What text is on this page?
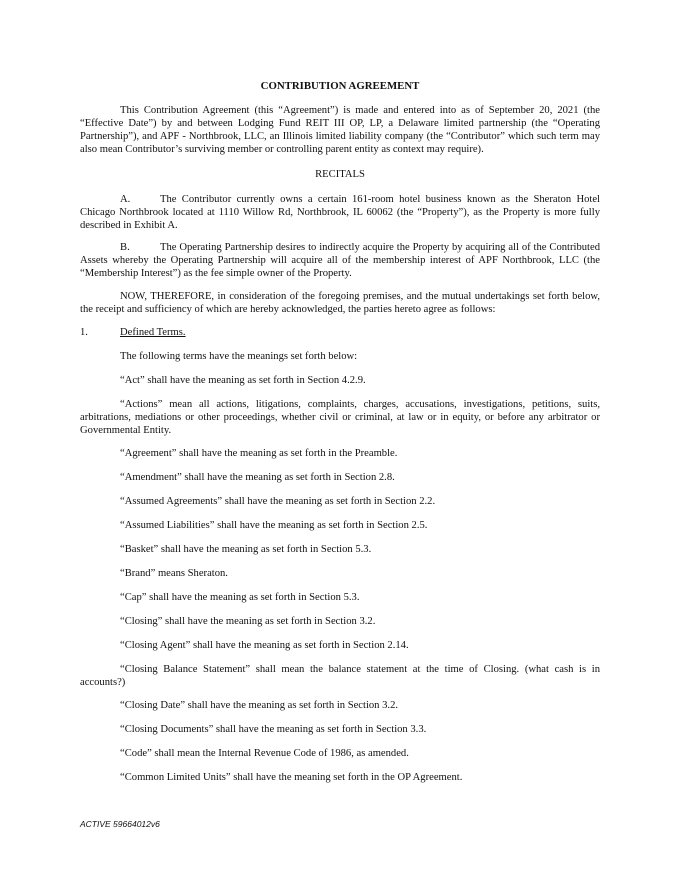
CONTRIBUTION AGREEMENT
This Contribution Agreement (this “Agreement”) is made and entered into as of September 20, 2021 (the “Effective Date”) by and between Lodging Fund REIT III OP, LP, a Delaware limited partnership (the “Operating Partnership”), and APF - Northbrook, LLC, an Illinois limited liability company (the “Contributor” which such term may also mean Contributor’s surviving member or controlling parent entity as context may require).
RECITALS
A.	The Contributor currently owns a certain 161-room hotel business known as the Sheraton Hotel Chicago Northbrook located at 1110 Willow Rd, Northbrook, IL 60062 (the “Property”), as the Property is more fully described in Exhibit A.
B.	The Operating Partnership desires to indirectly acquire the Property by acquiring all of the Contributed Assets whereby the Operating Partnership will acquire all of the membership interest of APF Northbrook, LLC (the “Membership Interest”) as the fee simple owner of the Property.
NOW, THEREFORE, in consideration of the foregoing premises, and the mutual undertakings set forth below, the receipt and sufficiency of which are hereby acknowledged, the parties hereto agree as follows:
1.	Defined Terms.
The following terms have the meanings set forth below:
“Act” shall have the meaning as set forth in Section 4.2.9.
“Actions” mean all actions, litigations, complaints, charges, accusations, investigations, petitions, suits, arbitrations, mediations or other proceedings, whether civil or criminal, at law or in equity, or before any arbitrator or Governmental Entity.
“Agreement” shall have the meaning as set forth in the Preamble.
“Amendment” shall have the meaning as set forth in Section 2.8.
“Assumed Agreements” shall have the meaning as set forth in Section 2.2.
“Assumed Liabilities” shall have the meaning as set forth in Section 2.5.
“Basket” shall have the meaning as set forth in Section 5.3.
“Brand” means Sheraton.
“Cap” shall have the meaning as set forth in Section 5.3.
“Closing” shall have the meaning as set forth in Section 3.2.
“Closing Agent” shall have the meaning as set forth in Section 2.14.
“Closing Balance Statement” shall mean the balance statement at the time of Closing. (what cash is in accounts?)
“Closing Date” shall have the meaning as set forth in Section 3.2.
“Closing Documents” shall have the meaning as set forth in Section 3.3.
“Code” shall mean the Internal Revenue Code of 1986, as amended.
“Common Limited Units” shall have the meaning set forth in the OP Agreement.
ACTIVE 59664012v6
